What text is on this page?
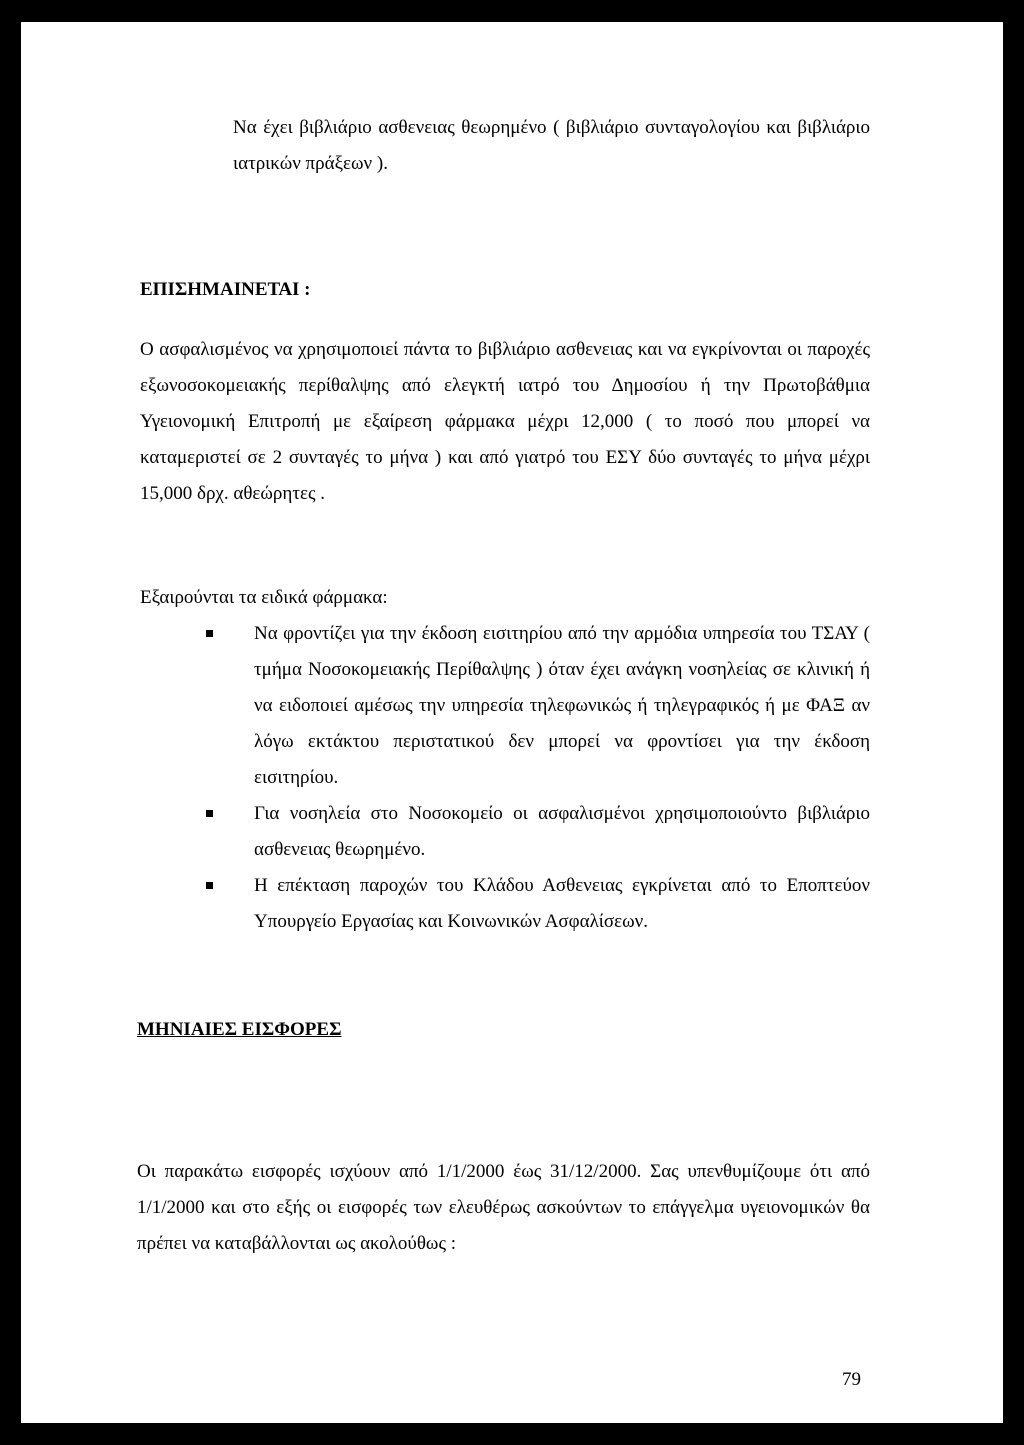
Να έχει βιβλιάριο ασθενειας θεωρημένο ( βιβλιάριο συνταγολογίου και βιβλιάριο ιατρικών πράξεων ).

ΕΠΙΣΗΜΑΙΝΕΤΑΙ :

Ο ασφαλισμένος να χρησιμοποιεί πάντα το βιβλιάριο ασθενειας και να εγκρίνονται οι παροχές εξωνοσοκομειακής περίθαλψης από ελεγκτή ιατρό του Δημοσίου ή την Πρωτοβάθμια Υγειονομική Επιτροπή με εξαίρεση φάρμακα μέχρι 12,000 ( το ποσό που μπορεί να καταμεριστεί σε 2 συνταγές το μήνα ) και από γιατρό του ΕΣΥ δύο συνταγές το μήνα μέχρι 15,000 δρχ. αθεώρητες .

Εξαιρούνται τα ειδικά φάρμακα:

Να φροντίζει για την έκδοση εισιτηρίου από την αρμόδια υπηρεσία του ΤΣΑΥ ( τμήμα Νοσοκομειακής Περίθαλψης ) όταν έχει ανάγκη νοσηλείας σε κλινική ή να ειδοποιεί αμέσως την υπηρεσία τηλεφωνικώς ή τηλεγραφικός ή με ΦΑΞ αν λόγω εκτάκτου περιστατικού δεν μπορεί να φροντίσει για την έκδοση εισιτηρίου.
Για νοσηλεία στο Νοσοκομείο οι ασφαλισμένοι χρησιμοποιούντο βιβλιάριο ασθενειας θεωρημένο.
Η επέκταση παροχών του Κλάδου Ασθενειας εγκρίνεται από το Εποπτεύον Υπουργείο Εργασίας και Κοινωνικών Ασφαλίσεων.

ΜΗΝΙΑΙΕΣ ΕΙΣΦΟΡΕΣ

Οι παρακάτω εισφορές ισχύουν από 1/1/2000 έως 31/12/2000. Σας υπενθυμίζουμε ότι από 1/1/2000 και στο εξής οι εισφορές των ελευθέρως ασκούντων το επάγγελμα υγειονομικών θα πρέπει να καταβάλλονται ως ακολούθως :

79
